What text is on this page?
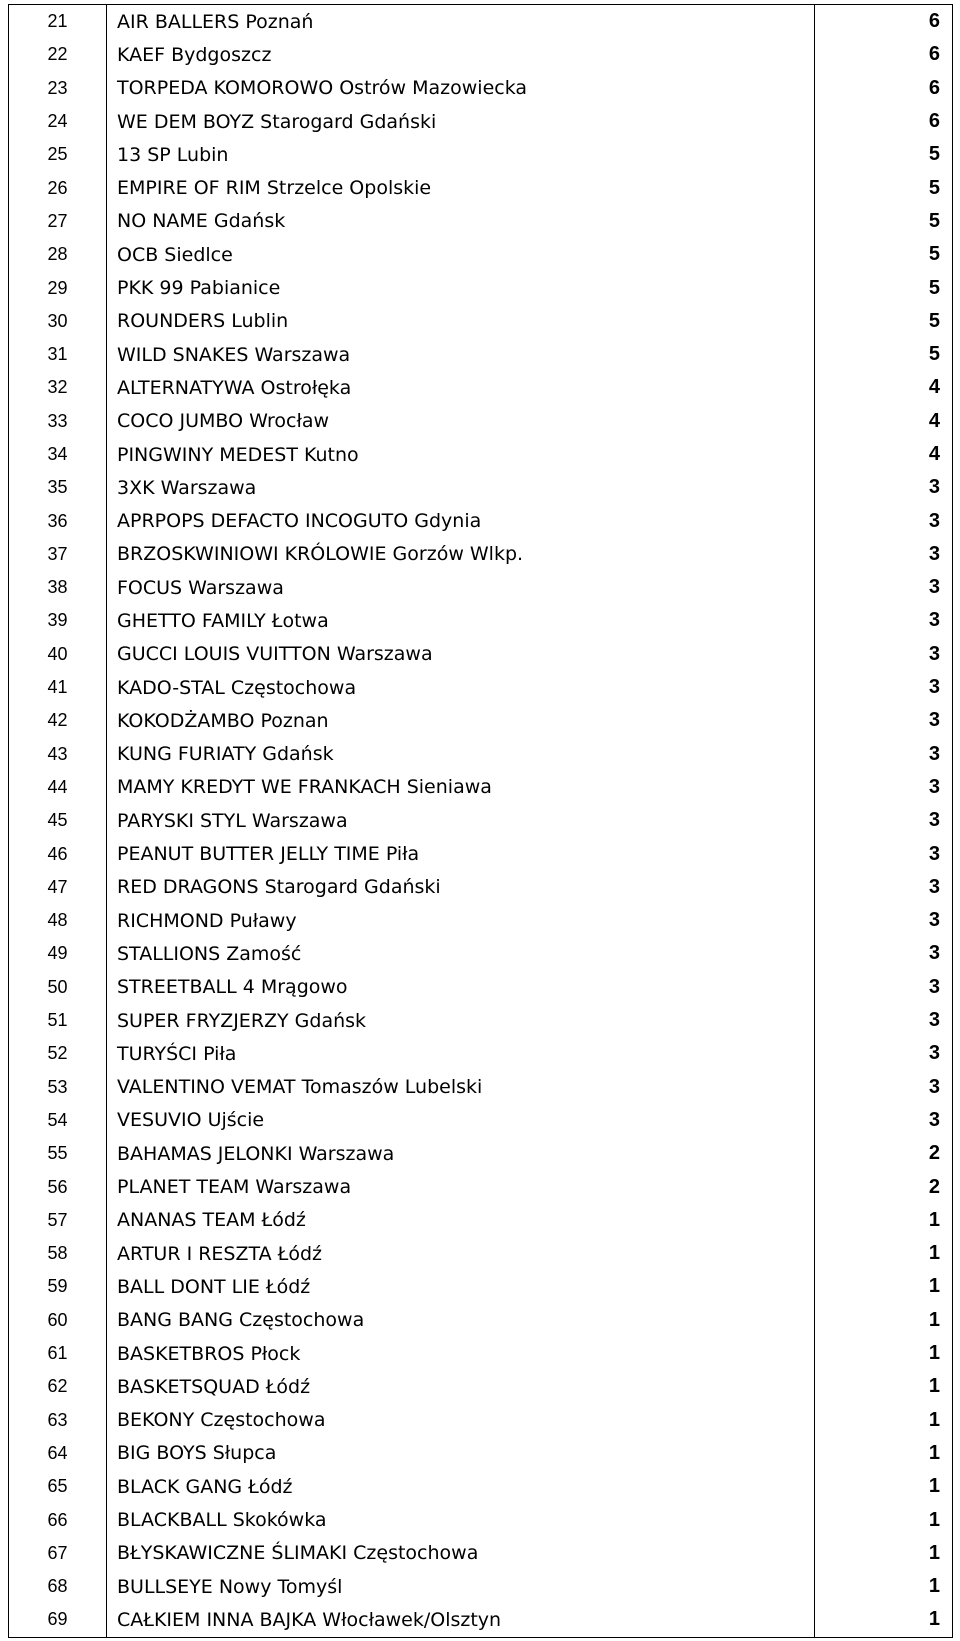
21	AIR BALLERS Poznań	6
22	KAEF Bydgoszcz	6
23	TORPEDA KOMOROWO Ostrów Mazowiecka	6
24	WE DEM BOYZ Starogard Gdański	6
25	13 SP Lubin	5
26	EMPIRE OF RIM Strzelce Opolskie	5
27	NO NAME Gdańsk	5
28	OCB Siedlce	5
29	PKK 99 Pabianice	5
30	ROUNDERS Lublin	5
31	WILD SNAKES Warszawa	5
32	ALTERNATYWA Ostrołęka	4
33	COCO JUMBO Wrocław	4
34	PINGWINY MEDEST Kutno	4
35	3XK Warszawa	3
36	APRPOPS DEFACTO INCOGUTO Gdynia	3
37	BRZOSKWINIOWI KRÓLOWIE Gorzów Wlkp.	3
38	FOCUS Warszawa	3
39	GHETTO FAMILY Łotwa	3
40	GUCCI LOUIS VUITTON Warszawa	3
41	KADO-STAL Częstochowa	3
42	KOKODŻAMBO Poznan	3
43	KUNG FURIATY Gdańsk	3
44	MAMY KREDYT WE FRANKACH Sieniawa	3
45	PARYSKI STYL Warszawa	3
46	PEANUT BUTTER JELLY TIME Piła	3
47	RED DRAGONS Starogard Gdański	3
48	RICHMOND Puławy	3
49	STALLIONS Zamość	3
50	STREETBALL 4 Mrągowo	3
51	SUPER FRYZJERZY Gdańsk	3
52	TURYŚCI Piła	3
53	VALENTINO VEMAT Tomaszów Lubelski	3
54	VESUVIO Ujście	3
55	BAHAMAS JELONKI Warszawa	2
56	PLANET TEAM Warszawa	2
57	ANANAS TEAM Łódź	1
58	ARTUR I RESZTA Łódź	1
59	BALL DONT LIE Łódź	1
60	BANG BANG Częstochowa	1
61	BASKETBROS Płock	1
62	BASKETSQUAD Łódź	1
63	BEKONY Częstochowa	1
64	BIG BOYS Słupca	1
65	BLACK GANG Łódź	1
66	BLACKBALL Skokówka	1
67	BŁYSKAWICZNE ŚLIMAKI Częstochowa	1
68	BULLSEYE Nowy Tomyśl	1
69	CAŁKIEM INNA BAJKA Włocławek/Olsztyn	1
